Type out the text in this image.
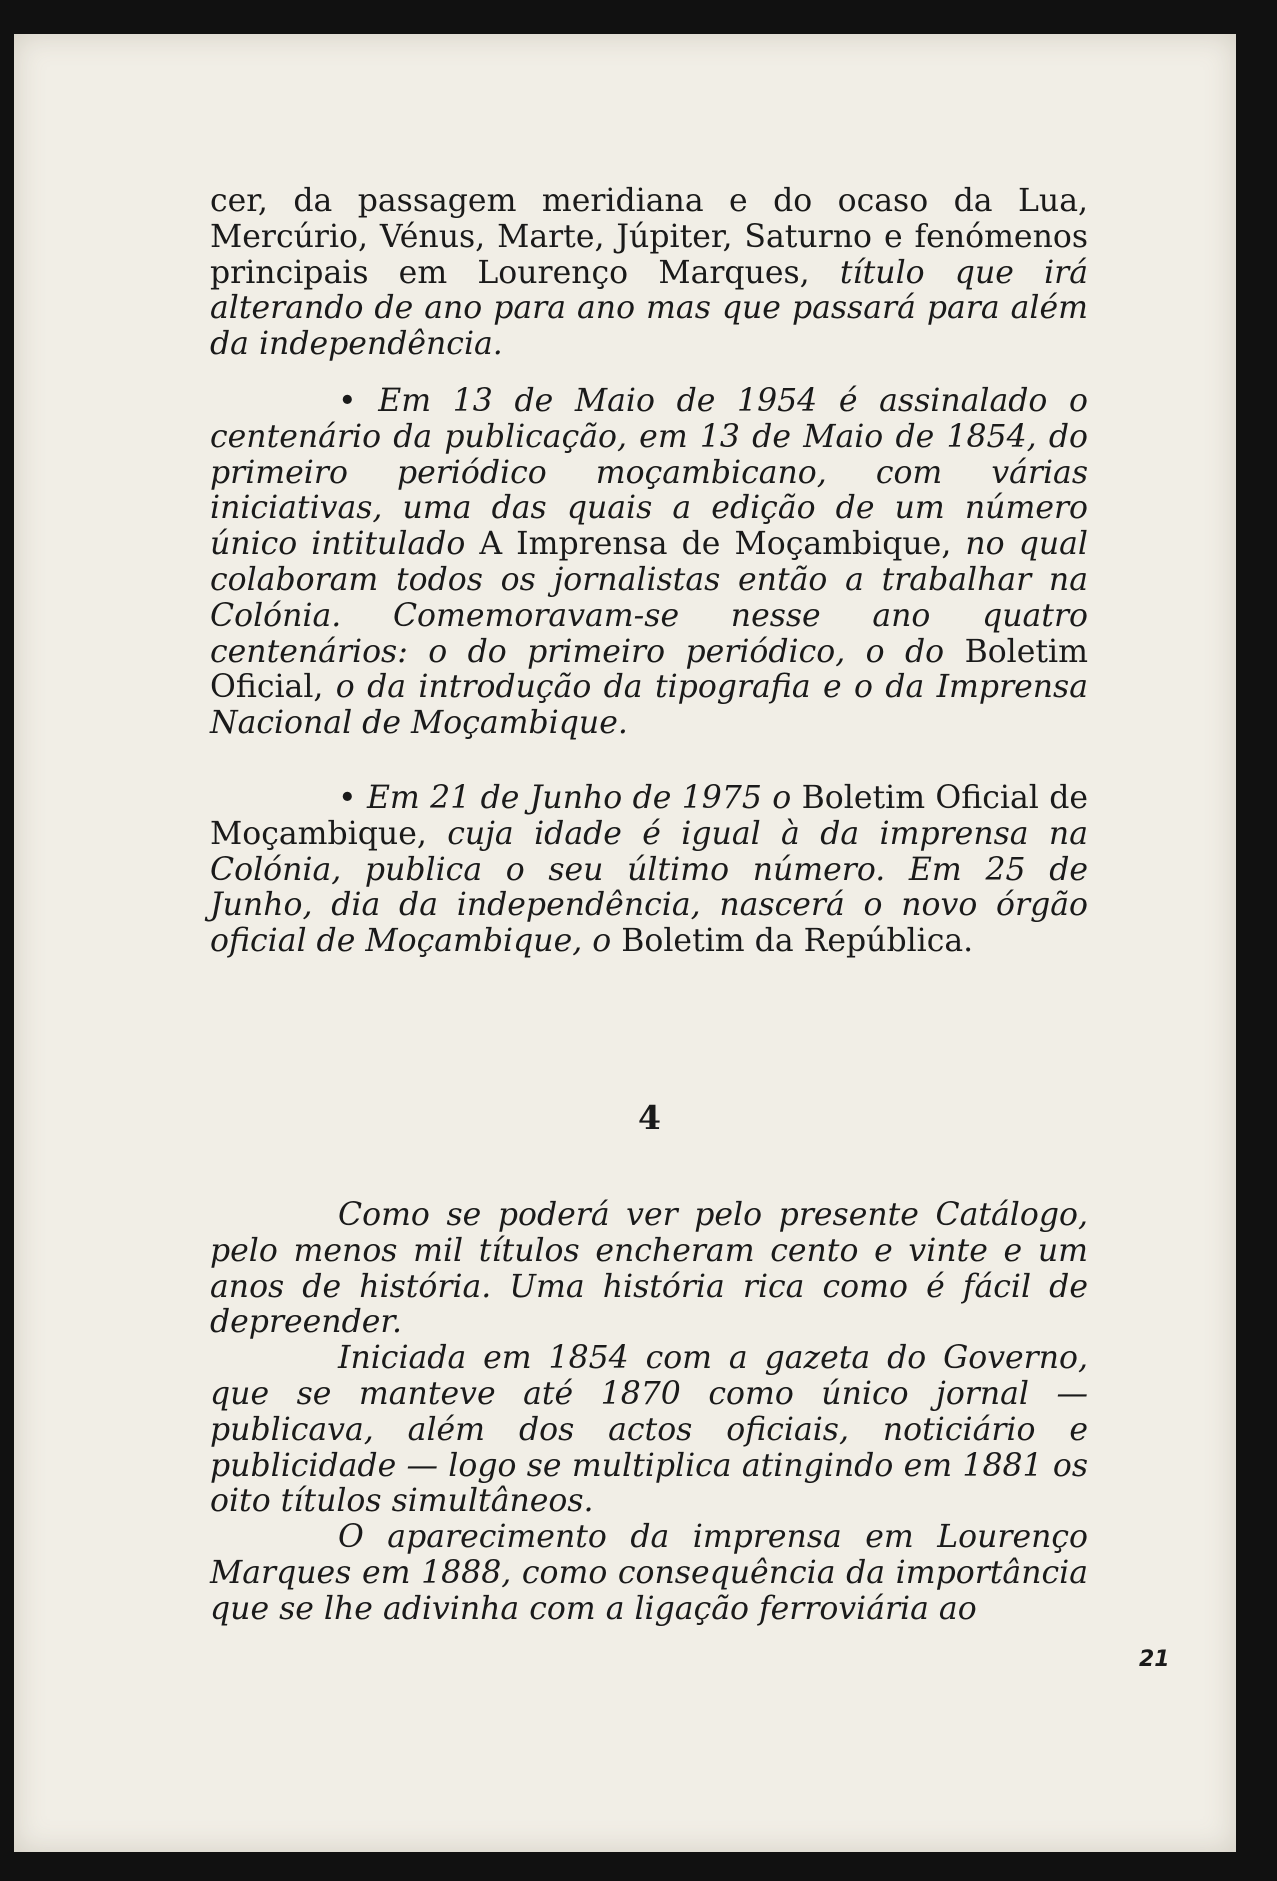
cer, da passagem meridiana e do ocaso da Lua, Mercúrio, Vénus, Marte, Júpiter, Saturno e fenómenos principais em Lourenço Marques, título que irá alterando de ano para ano mas que passará para além da independência.

• Em 13 de Maio de 1954 é assinalado o centenário da publicação, em 13 de Maio de 1854, do primeiro periódico moçambicano, com várias iniciativas, uma das quais a edição de um número único intitulado A Imprensa de Moçambique, no qual colaboram todos os jornalistas então a trabalhar na Colónia. Comemoravam-se nesse ano quatro centenários: o do primeiro periódico, o do Boletim Oficial, o da introdução da tipografia e o da Imprensa Nacional de Moçambique.

• Em 21 de Junho de 1975 o Boletim Oficial de Moçambique, cuja idade é igual à da imprensa na Colónia, publica o seu último número. Em 25 de Junho, dia da independência, nascerá o novo órgão oficial de Moçambique, o Boletim da República.

4

Como se poderá ver pelo presente Catálogo, pelo menos mil títulos encheram cento e vinte e um anos de história. Uma história rica como é fácil de depreender.

Iniciada em 1854 com a gazeta do Governo, que se manteve até 1870 como único jornal — publicava, além dos actos oficiais, noticiário e publicidade — logo se multiplica atingindo em 1881 os oito títulos simultâneos.

O aparecimento da imprensa em Lourenço Marques em 1888, como consequência da importância que se lhe adivinha com a ligação ferroviária ao

21
